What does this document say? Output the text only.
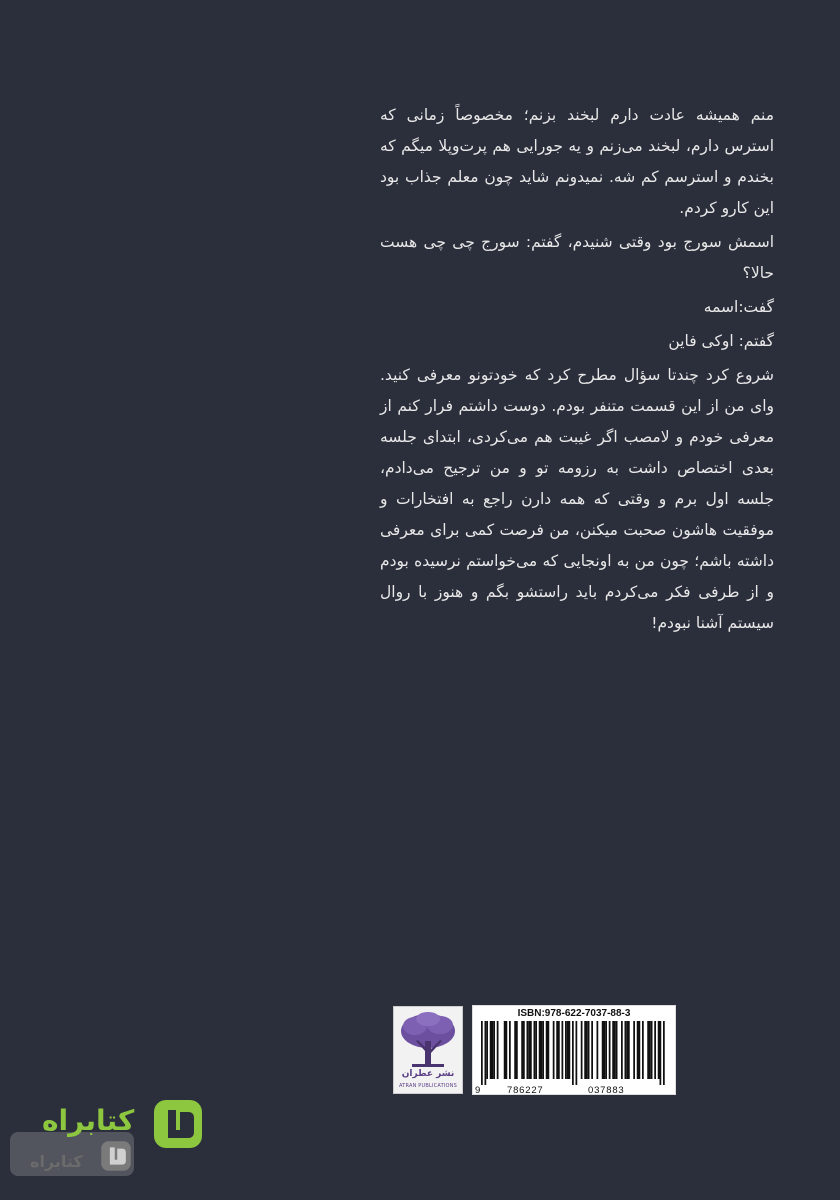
منم همیشه عادت دارم لبخند بزنم؛ مخصوصاً زمانی که استرس دارم، لبخند می‌زنم و یه جورایی هم پرت‌وپلا میگم که بخندم و استرسم کم شه. نمیدونم شاید چون معلم جذاب بود این کارو کردم.

اسمش سورج بود وقتی شنیدم، گفتم: سورج چی چی هست حالا؟

گفت:اسمه

گفتم: اوکی فاین

شروع کرد چندتا سؤال مطرح کرد که خودتونو معرفی کنید. وای من از این قسمت متنفر بودم. دوست داشتم فرار کنم از معرفی خودم و لامصب اگر غیبت هم می‌کردی، ابتدای جلسه بعدی اختصاص داشت به رزومه تو و من ترجیح می‌دادم، جلسه اول برم و وقتی که همه دارن راجع به افتخارات و موفقیت هاشون صحبت میکنن، من فرصت کمی برای معرفی داشته باشم؛ چون من به اونجایی که می‌خواستم نرسیده بودم و از طرفی فکر می‌کردم باید راستشو بگم و هنوز با روال سیستم آشنا نبودم!

نشر عطران
ATRAN PUBLICATIONS
ISBN:978-622-7037-88-3
9	786227	037883
کتابراه
کتابراه
